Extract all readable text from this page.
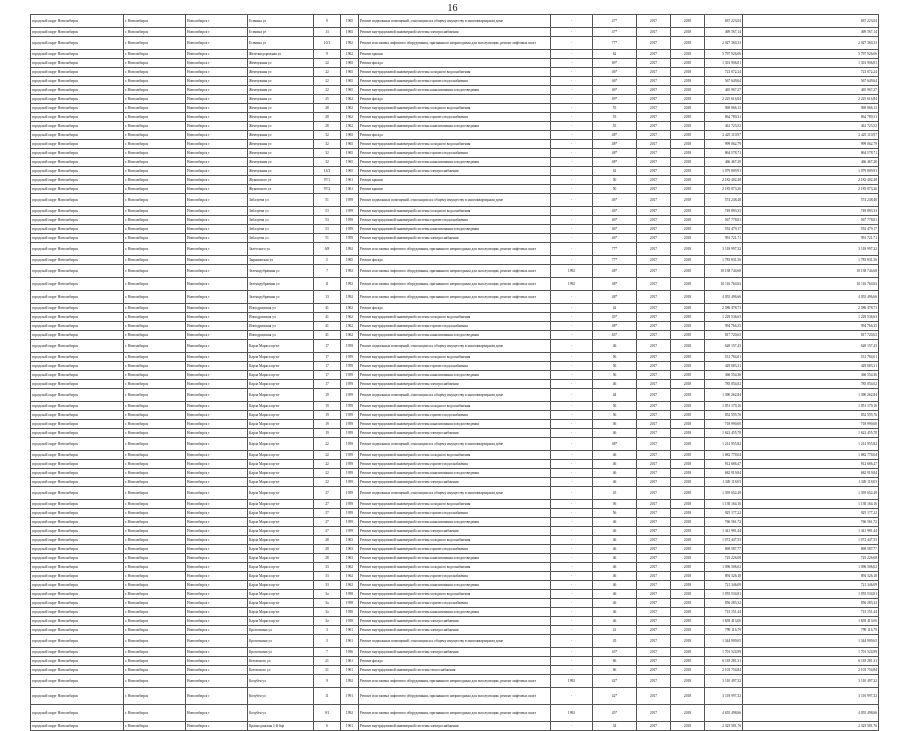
16
городской округ Новосибирск	г. Новосибирск	Новосибирск г	Есенина ул	9	1965	Ремонт подвальных помещений, относящихся к общему имуществу в многоквартирном доме	-	47*	2017	2018	667 223,04	667 223,04
городской округ Новосибирск	г. Новосибирск	Новосибирск г	Есенина ул	13	1965	Ремонт внутридомовой инженерной системы электроснабжения	-	47*	2017	2018	469 567,14	469 567,14
городской округ Новосибирск	г. Новосибирск	Новосибирск г	Есенина ул	10/1	1992	Ремонт или замена лифтового оборудования, признанного непригодным для эксплуатации, ремонт лифтовых шахт	-	77*	2017	2018	2 027 360,33	2 027 360,33
городской округ Новосибирск	г. Новосибирск	Новосибирск г	Железнодорожная ул	9	1962	Ремонт крыши	-	62	2017	2018	5 797 926,06	5 797 926,06
городской округ Новосибирск	г. Новосибирск	Новосибирск г	Жемчужная ул	22	1965	Ремонт фасада	-	69*	2017	2018	1 301 906,81	1 301 906,81
городской округ Новосибирск	г. Новосибирск	Новосибирск г	Жемчужная ул	22	1965	Ремонт внутридомовой инженерной системы холодного водоснабжения	-	46*	2017	2018	723 672,24	723 672,24
городской округ Новосибирск	г. Новосибирск	Новосибирск г	Жемчужная ул	22	1965	Ремонт внутридомовой инженерной системы горячего водоснабжения	-	46*	2017	2018	567 649,64	567 649,64
городской округ Новосибирск	г. Новосибирск	Новосибирск г	Жемчужная ул	22	1965	Ремонт внутридомовой инженерной системы канализования и водоотведения	-	46*	2017	2018	465 967,27	465 967,27
городской округ Новосибирск	г. Новосибирск	Новосибирск г	Жемчужная ул	25	1962	Ремонт фасада	-	69*	2017	2018	2 225 616,84	2 225 616,84
городской округ Новосибирск	г. Новосибирск	Новосибирск г	Жемчужная ул	28	1962	Ремонт внутридомовой инженерной системы холодного водоснабжения	-	55	2017	2018	969 066,13	969 066,13
городской округ Новосибирск	г. Новосибирск	Новосибирск г	Жемчужная ул	28	1962	Ремонт внутридомовой инженерной системы горячего водоснабжения	-	55	2017	2018	864 780,31	864 780,31
городской округ Новосибирск	г. Новосибирск	Новосибирск г	Жемчужная ул	28	1962	Ремонт внутридомовой инженерной системы канализования и водоотведения	-	55	2017	2018	461 723,52	461 723,52
городской округ Новосибирск	г. Новосибирск	Новосибирск г	Жемчужная ул	32	1965	Ремонт фасада	-	48*	2017	2018	2 425 110,97	2 425 110,97
городской округ Новосибирск	г. Новосибирск	Новосибирск г	Жемчужная ул	32	1965	Ремонт внутридомовой инженерной системы холодного водоснабжения	-	48*	2017	2018	999 062,79	999 062,79
городской округ Новосибирск	г. Новосибирск	Новосибирск г	Жемчужная ул	32	1965	Ремонт внутридомовой инженерной системы горячего водоснабжения	-	48*	2017	2018	864 578,71	864 578,71
городской округ Новосибирск	г. Новосибирск	Новосибирск г	Жемчужная ул	32	1965	Ремонт внутридомовой инженерной системы канализования и водоотведения	-	48*	2017	2018	466 467,20	466 467,20
городской округ Новосибирск	г. Новосибирск	Новосибирск г	Жемчужная ул	13/3	1965	Ремонт внутридомовой инженерной системы электроснабжения	-	42	2017	2018	1 079 809,91	1 079 809,91
городской округ Новосибирск	г. Новосибирск	Новосибирск г	Жуковского ул	97/1	1961	Ремонт крыши	-	50	2017	2018	2 182 402,48	2 182 402,48
городской округ Новосибирск	г. Новосибирск	Новосибирск г	Жуковского ул	97/2	1961	Ремонт крыши	-	50	2017	2018	2 185 873,26	2 185 873,26
городской округ Новосибирск	г. Новосибирск	Новосибирск г	Забалуева ул	51	1959	Ремонт подвальных помещений, относящихся к общему имуществу в многоквартирном доме	-	46*	2017	2018	574 248,48	574 248,48
городской округ Новосибирск	г. Новосибирск	Новосибирск г	Забалуева ул	53	1959	Ремонт внутридомовой инженерной системы холодного водоснабжения	-	46*	2017	2018	749 883,33	749 883,33
городской округ Новосибирск	г. Новосибирск	Новосибирск г	Забалуева ул	53	1959	Ремонт внутридомовой инженерной системы горячего водоснабжения	-	46*	2017	2018	567 778,81	567 778,81
городской округ Новосибирск	г. Новосибирск	Новосибирск г	Забалуева ул	53	1959	Ремонт внутридомовой инженерной системы канализования и водоотведения	-	46*	2017	2018	553 479,17	553 479,17
городской округ Новосибирск	г. Новосибирск	Новосибирск г	Забалуева ул	51	1959	Ремонт внутридомовой инженерной системы электроснабжения	-	46*	2017	2018	991 721,71	991 721,71
городской округ Новосибирск	г. Новосибирск	Новосибирск г	Залесского ул	6/8	1992	Ремонт или замена лифтового оборудования, признанного непригодным для эксплуатации, ремонт лифтовых шахт	-	77*	2017	2018	3 118 997,32	3 118 997,32
городской округ Новосибирск	г. Новосибирск	Новосибирск г	Зыряновская ул	5	1965	Ремонт фасада	-	77*	2017	2018	1 783 831,56	1 783 831,56
городской округ Новосибирск	г. Новосибирск	Новосибирск г	Зеленодубравная ул	7	1992	Ремонт или замена лифтового оборудования, признанного непригодным для эксплуатации, ремонт лифтовых шахт	1992	48*	2017	2018	10 138 744,68	10 138 744,68
городской округ Новосибирск	г. Новосибирск	Новосибирск г	Зеленодубравная ул	11	1992	Ремонт или замена лифтового оборудования, признанного непригодным для эксплуатации, ремонт лифтовых шахт	1992	48*	2017	2018	10 116 764,63	10 116 764,63
городской округ Новосибирск	г. Новосибирск	Новосибирск г	Зеленодубравная ул	13	1992	Ремонт или замена лифтового оборудования, признанного непригодным для эксплуатации, ремонт лифтовых шахт	-	48*	2017	2018	4 055 496,66	4 055 496,66
городской округ Новосибирск	г. Новосибирск	Новосибирск г	Ипподромская ул	41	1962	Ремонт фасада	-	42	2017	2018	2 586 478,73	2 586 478,73
городской округ Новосибирск	г. Новосибирск	Новосибирск г	Ипподромская ул	41	1962	Ремонт внутридомовой инженерной системы холодного водоснабжения	-	45*	2017	2018	1 229 536,63	1 229 536,63
городской округ Новосибирск	г. Новосибирск	Новосибирск г	Ипподромская ул	41	1962	Ремонт внутридомовой инженерной системы горячего водоснабжения	-	48*	2017	2018	994 766,35	994 766,35
городской округ Новосибирск	г. Новосибирск	Новосибирск г	Ипподромская ул	41	1962	Ремонт внутридомовой инженерной системы канализования и водоотведения	-	63*	2017	2018	817 720,63	817 720,63
городской округ Новосибирск	г. Новосибирск	Новосибирск г	Карла Маркса пр-кт	17	1959	Ремонт подвальных помещений, относящихся к общему имуществу в многоквартирном доме	-	46	2017	2018	620 157,43	620 157,43
городской округ Новосибирск	г. Новосибирск	Новосибирск г	Карла Маркса пр-кт	17	1959	Ремонт внутридомовой инженерной системы холодного водоснабжения	-	56	2017	2018	531 784,01	531 784,01
городской округ Новосибирск	г. Новосибирск	Новосибирск г	Карла Маркса пр-кт	17	1959	Ремонт внутридомовой инженерной системы горячего водоснабжения	-	56	2017	2018	429 083,31	429 083,31
городской округ Новосибирск	г. Новосибирск	Новосибирск г	Карла Маркса пр-кт	17	1959	Ремонт внутридомовой инженерной системы канализования и водоотведения	-	56	2017	2018	366 554,36	366 554,36
городской округ Новосибирск	г. Новосибирск	Новосибирск г	Карла Маркса пр-кт	17	1959	Ремонт внутридомовой инженерной системы электроснабжения	-	46	2017	2018	785 054,02	785 054,02
городской округ Новосибирск	г. Новосибирск	Новосибирск г	Карла Маркса пр-кт	19	1959	Ремонт подвальных помещений, относящихся к общему имуществу в многоквартирном доме	-	44	2017	2018	1 390 262,84	1 390 262,84
городской округ Новосибирск	г. Новосибирск	Новосибирск г	Карла Маркса пр-кт	19	1959	Ремонт внутридомовой инженерной системы холодного водоснабжения	-	56	2017	2018	1 051 179,16	1 051 179,16
городской округ Новосибирск	г. Новосибирск	Новосибирск г	Карла Маркса пр-кт	19	1959	Ремонт внутридомовой инженерной системы горячего водоснабжения	-	56	2017	2018	852 595,76	852 595,76
городской округ Новосибирск	г. Новосибирск	Новосибирск г	Карла Маркса пр-кт	19	1959	Ремонт внутридомовой инженерной системы канализования и водоотведения	-	56	2017	2018	718 990,60	718 990,60
городской округ Новосибирск	г. Новосибирск	Новосибирск г	Карла Маркса пр-кт	19	1959	Ремонт внутридомовой инженерной системы электроснабжения	-	46	2017	2018	1 622 455,78	1 622 455,78
городской округ Новосибирск	г. Новосибирск	Новосибирск г	Карла Маркса пр-кт	22	1959	Ремонт подвальных помещений, относящихся к общему имуществу в многоквартирном доме	-	48*	2017	2018	1 214 955,82	1 214 955,82
городской округ Новосибирск	г. Новосибирск	Новосибирск г	Карла Маркса пр-кт	22	1959	Ремонт внутридомовой инженерной системы холодного водоснабжения	-	46	2017	2018	1 082 778,04	1 082 778,04
городской округ Новосибирск	г. Новосибирск	Новосибирск г	Карла Маркса пр-кт	22	1959	Ремонт внутридомовой инженерной системы горячего водоснабжения	-	46	2017	2018	912 686,47	912 686,47
городской округ Новосибирск	г. Новосибирск	Новосибирск г	Карла Маркса пр-кт	22	1959	Ремонт внутридомовой инженерной системы канализования и водоотведения	-	46	2017	2018	682 919,84	682 919,84
городской округ Новосибирск	г. Новосибирск	Новосибирск г	Карла Маркса пр-кт	22	1959	Ремонт внутридомовой инженерной системы электроснабжения	-	46	2017	2018	1 349 118,03	1 349 118,03
городской округ Новосибирск	г. Новосибирск	Новосибирск г	Карла Маркса пр-кт	27	1959	Ремонт подвальных помещений, относящихся к общему имуществу в многоквартирном доме	-	45	2017	2018	1 395 652,49	1 395 652,49
городской округ Новосибирск	г. Новосибирск	Новосибирск г	Карла Маркса пр-кт	27	1959	Ремонт внутридомовой инженерной системы холодного водоснабжения	-	56	2017	2018	1 138 164,16	1 138 164,16
городской округ Новосибирск	г. Новосибирск	Новосибирск г	Карла Маркса пр-кт	27	1959	Ремонт внутридомовой инженерной системы горячего водоснабжения	-	56	2017	2018	925 177,22	925 177,22
городской округ Новосибирск	г. Новосибирск	Новосибирск г	Карла Маркса пр-кт	27	1959	Ремонт внутридомовой инженерной системы канализования и водоотведения	-	46	2017	2018	766 561,72	766 561,72
городской округ Новосибирск	г. Новосибирск	Новосибирск г	Карла Маркса пр-кт	27	1959	Ремонт внутридомовой инженерной системы электроснабжения	-	46	2017	2018	1 341 981,44	1 341 981,44
городской округ Новосибирск	г. Новосибирск	Новосибирск г	Карла Маркса пр-кт	28	1963	Ремонт внутридомовой инженерной системы холодного водоснабжения	-	46	2017	2018	1 072 447,55	1 072 447,55
городской округ Новосибирск	г. Новосибирск	Новосибирск г	Карла Маркса пр-кт	28	1963	Ремонт внутридомовой инженерной системы горячего водоснабжения	-	46	2017	2018	869 587,77	869 587,77
городской округ Новосибирск	г. Новосибирск	Новосибирск г	Карла Маркса пр-кт	28	1963	Ремонт внутридомовой инженерной системы канализования и водоотведения	-	46	2017	2018	725 226,08	725 226,08
городской округ Новосибирск	г. Новосибирск	Новосибирск г	Карла Маркса пр-кт	33	1962	Ремонт внутридомовой инженерной системы холодного водоснабжения	-	46	2017	2018	1 096 506,02	1 096 506,02
городской округ Новосибирск	г. Новосибирск	Новосибирск г	Карла Маркса пр-кт	33	1962	Ремонт внутридомовой инженерной системы горячего водоснабжения	-	46	2017	2018	894 326,18	894 326,18
городской округ Новосибирск	г. Новосибирск	Новосибирск г	Карла Маркса пр-кт	33	1962	Ремонт внутридомовой инженерной системы канализования и водоотведения	-	46	2017	2018	721 346,09	721 346,09
городской округ Новосибирск	г. Новосибирск	Новосибирск г	Карла Маркса пр-кт	3а	1958	Ремонт внутридомовой инженерной системы холодного водоснабжения	-	46	2017	2018	1 055 534,81	1 055 534,81
городской округ Новосибирск	г. Новосибирск	Новосибирск г	Карла Маркса пр-кт	3а	1958	Ремонт внутридомовой инженерной системы горячего водоснабжения	-	46	2017	2018	856 283,32	856 283,32
городской округ Новосибирск	г. Новосибирск	Новосибирск г	Карла Маркса пр-кт	3а	1958	Ремонт внутридомовой инженерной системы канализования и водоотведения	-	46	2017	2018	715 151,44	715 151,44
городской округ Новосибирск	г. Новосибирск	Новосибирск г	Карла Маркса пр-кт	3а	1958	Ремонт внутридомовой инженерной системы электроснабжения	-	46	2017	2018	1 639 413,06	1 639 413,06
городской округ Новосибирск	г. Новосибирск	Новосибирск г	Кропоткина ул	3	1961	Ремонт внутридомовой инженерной системы электроснабжения	-	41	2017	2018	799 116,79	799 116,79
городской округ Новосибирск	г. Новосибирск	Новосибирск г	Кропоткина ул	5	1961	Ремонт подвальных помещений, относящихся к общему имуществу в многоквартирном доме	-	45	2017	2018	1 344 909,65	1 344 909,65
городской округ Новосибирск	г. Новосибирск	Новосибирск г	Кропоткина ул	7	1956	Ремонт внутридомовой инженерной системы электроснабжения	-	43*	2017	2018	1 701 524,99	1 701 524,99
городской округ Новосибирск	г. Новосибирск	Новосибирск г	Котовского ул	21	1961	Ремонт фасада	-	66	2017	2018	6 118 281,31	6 118 281,31
городской округ Новосибирск	г. Новосибирск	Новосибирск г	Котовского ул	21	1961	Ремонт внутридомовой инженерной системы теплоснабжения	-	66	2017	2018	2 103 754,84	2 103 754,84
городской округ Новосибирск	г. Новосибирск	Новосибирск г	Кочубея ул	9	1992	Ремонт или замена лифтового оборудования, признанного непригодным для эксплуатации, ремонт лифтовых шахт	1992	42*	2017	2018	3 110 497,32	3 110 497,32
городской округ Новосибирск	г. Новосибирск	Новосибирск г	Кочубея ул	11	1991	Ремонт или замена лифтового оборудования, признанного непригодным для эксплуатации, ремонт лифтовых шахт	-	42*	2017	2018	3 118 997,32	3 110 997,32
городской округ Новосибирск	г. Новосибирск	Новосибирск г	Кочубея ул	9/1	1992	Ремонт или замена лифтового оборудования, признанного непригодным для эксплуатации, ремонт лифтовых шахт	1992	45*	2017	2018	4 655 498,66	4 055 498,66
городской округ Новосибирск	г. Новосибирск	Новосибирск г	Краснодонская 1-й бор	6	1961	Ремонт внутридомовой инженерной системы электроснабжения	-	34	2017	2018	2 325 581,76	2 325 581,76
